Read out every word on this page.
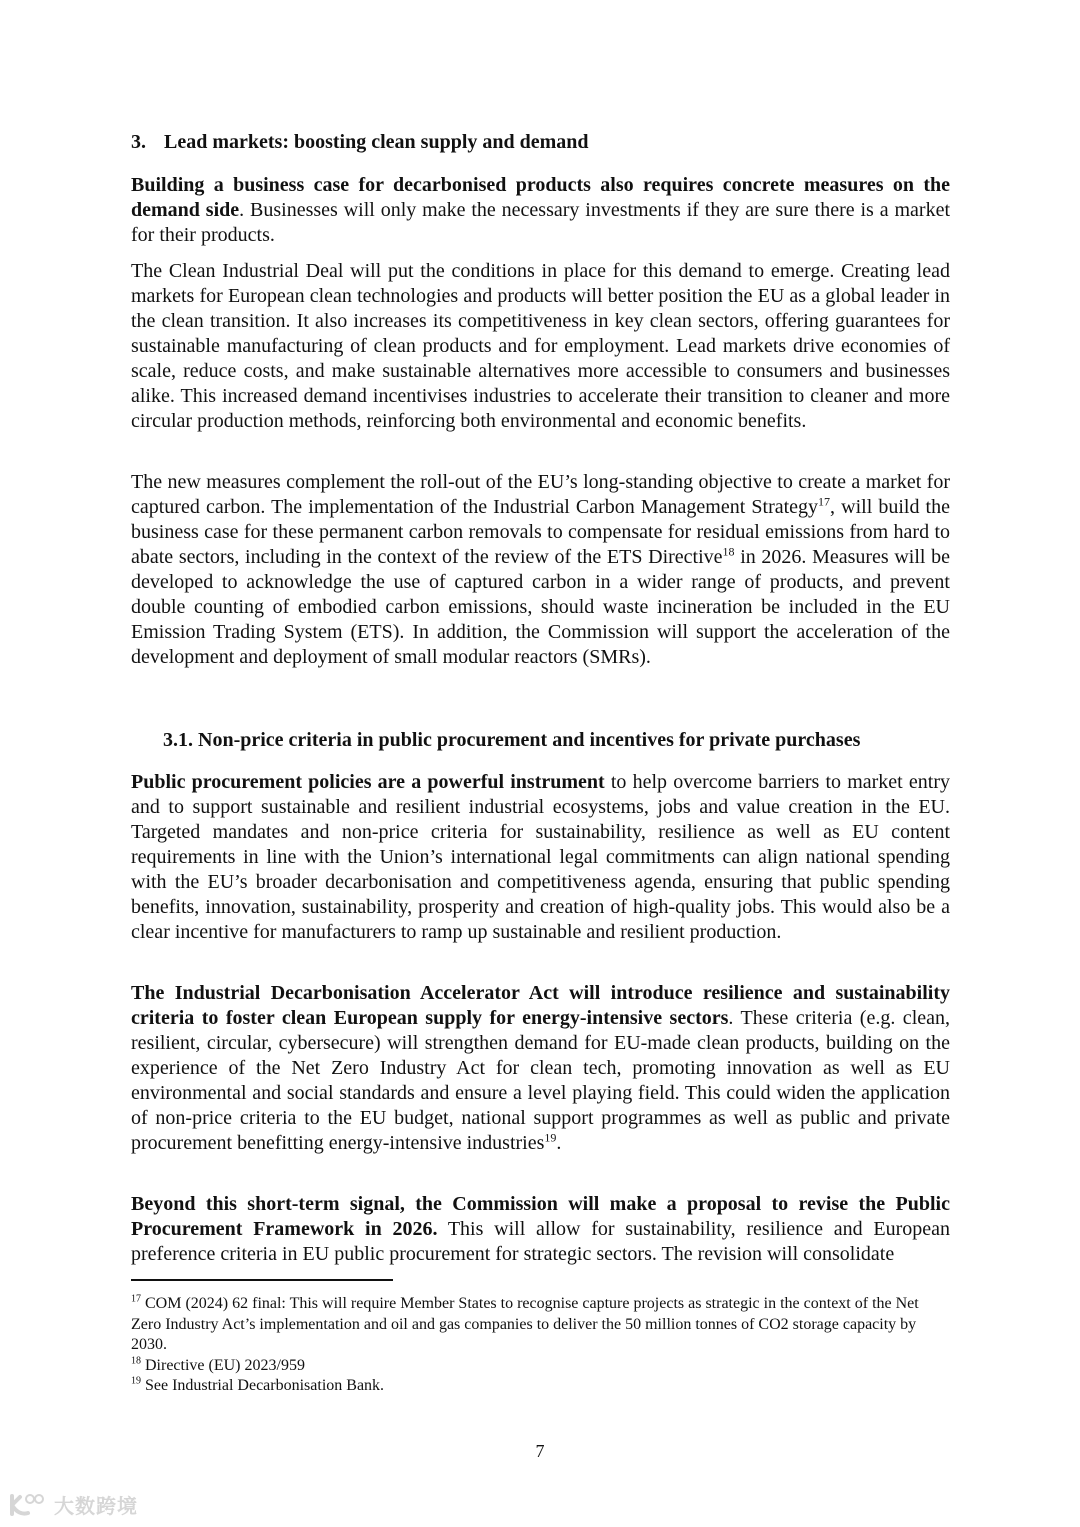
3. Lead markets: boosting clean supply and demand

Building a business case for decarbonised products also requires concrete measures on the demand side. Businesses will only make the necessary investments if they are sure there is a market for their products.

The Clean Industrial Deal will put the conditions in place for this demand to emerge. Creating lead markets for European clean technologies and products will better position the EU as a global leader in the clean transition. It also increases its competitiveness in key clean sectors, offering guarantees for sustainable manufacturing of clean products and for employment. Lead markets drive economies of scale, reduce costs, and make sustainable alternatives more accessible to consumers and businesses alike. This increased demand incentivises industries to accelerate their transition to cleaner and more circular production methods, reinforcing both environmental and economic benefits.

The new measures complement the roll-out of the EU’s long-standing objective to create a market for captured carbon. The implementation of the Industrial Carbon Management Strategy$^{17}$, will build the business case for these permanent carbon removals to compensate for residual emissions from hard to abate sectors, including in the context of the review of the ETS Directive$^{18}$ in 2026. Measures will be developed to acknowledge the use of captured carbon in a wider range of products, and prevent double counting of embodied carbon emissions, should waste incineration be included in the EU Emission Trading System (ETS). In addition, the Commission will support the acceleration of the development and deployment of small modular reactors (SMRs).

3.1. Non-price criteria in public procurement and incentives for private purchases

Public procurement policies are a powerful instrument to help overcome barriers to market entry and to support sustainable and resilient industrial ecosystems, jobs and value creation in the EU. Targeted mandates and non-price criteria for sustainability, resilience as well as EU content requirements in line with the Union’s international legal commitments can align national spending with the EU’s broader decarbonisation and competitiveness agenda, ensuring that public spending benefits, innovation, sustainability, prosperity and creation of high-quality jobs. This would also be a clear incentive for manufacturers to ramp up sustainable and resilient production.

The Industrial Decarbonisation Accelerator Act will introduce resilience and sustainability criteria to foster clean European supply for energy-intensive sectors. These criteria (e.g. clean, resilient, circular, cybersecure) will strengthen demand for EU-made clean products, building on the experience of the Net Zero Industry Act for clean tech, promoting innovation as well as EU environmental and social standards and ensure a level playing field. This could widen the application of non-price criteria to the EU budget, national support programmes as well as public and private procurement benefitting energy-intensive industries$^{19}$.

Beyond this short-term signal, the Commission will make a proposal to revise the Public Procurement Framework in 2026. This will allow for sustainability, resilience and European preference criteria in EU public procurement for strategic sectors. The revision will consolidate

$^{17}$ COM (2024) 62 final: This will require Member States to recognise capture projects as strategic in the context of the Net Zero Industry Act’s implementation and oil and gas companies to deliver the 50 million tonnes of CO2 storage capacity by 2030.

$^{18}$ Directive (EU) 2023/959

$^{19}$ See Industrial Decarbonisation Bank.

7
大数跨境
